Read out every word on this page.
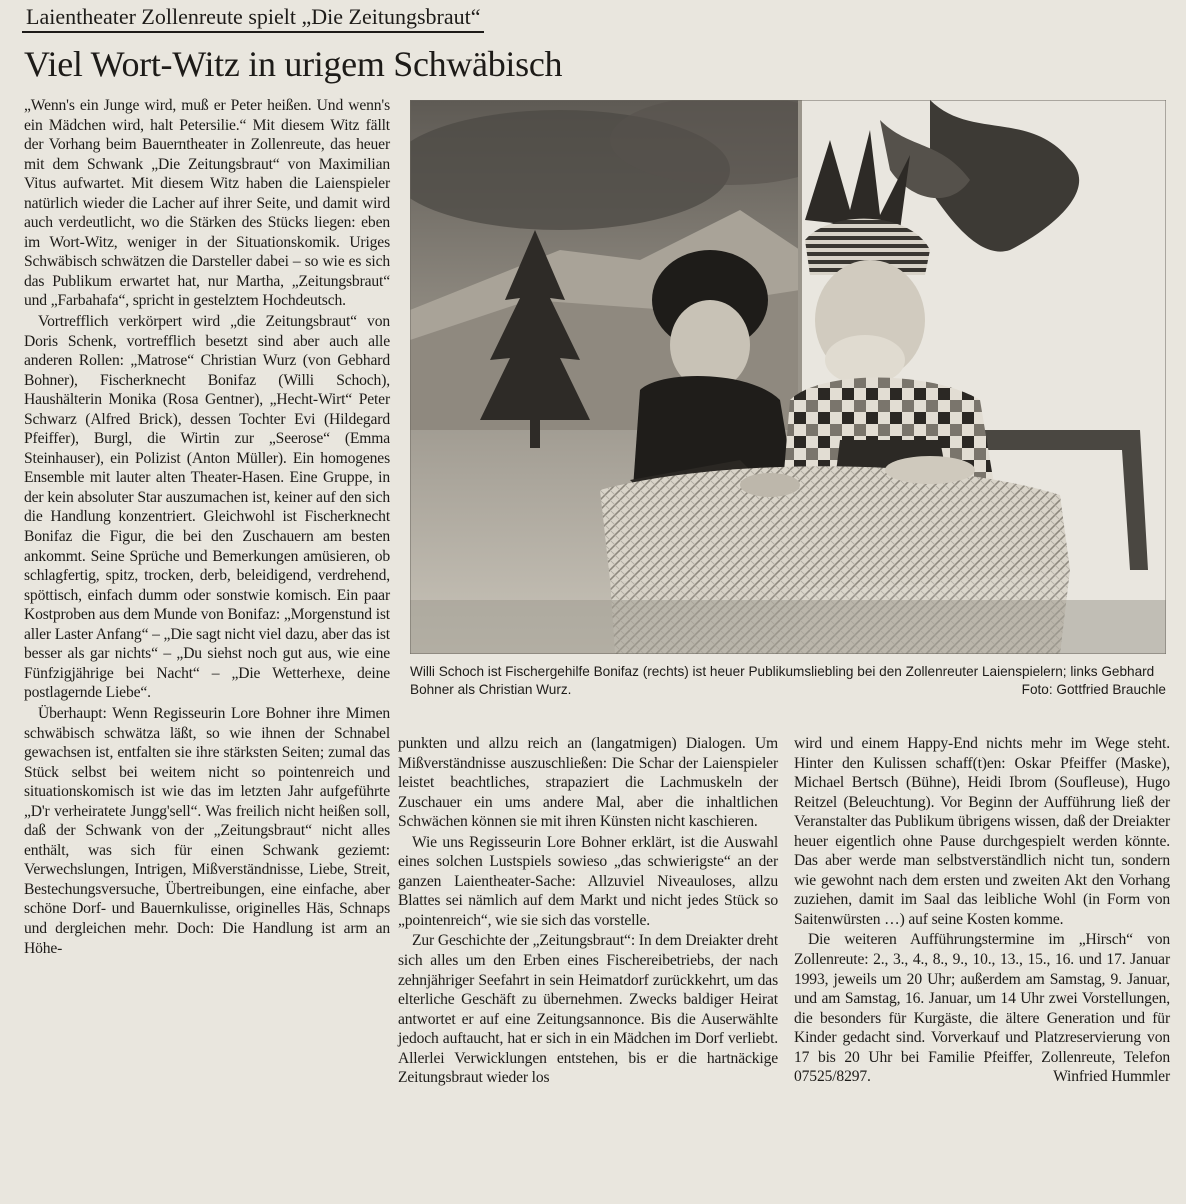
Laientheater Zollenreute spielt „Die Zeitungsbraut“
Viel Wort-Witz in urigem Schwäbisch

„Wenn's ein Junge wird, muß er Peter heißen. Und wenn's ein Mädchen wird, halt Petersilie.“ Mit diesem Witz fällt der Vorhang beim Bauerntheater in Zollenreute, das heuer mit dem Schwank „Die Zeitungsbraut“ von Maximilian Vitus aufwartet. Mit diesem Witz haben die Laienspieler natürlich wieder die Lacher auf ihrer Seite, und damit wird auch verdeutlicht, wo die Stärken des Stücks liegen: eben im Wort-Witz, weniger in der Situationskomik. Uriges Schwäbisch schwätzen die Darsteller dabei – so wie es sich das Publikum erwartet hat, nur Martha, „Zeitungsbraut“ und „Farbahafa“, spricht in gestelztem Hochdeutsch.

Vortrefflich verkörpert wird „die Zeitungsbraut“ von Doris Schenk, vortrefflich besetzt sind aber auch alle anderen Rollen: „Matrose“ Christian Wurz (von Gebhard Bohner), Fischerknecht Bonifaz (Willi Schoch), Haushälterin Monika (Rosa Gentner), „Hecht-Wirt“ Peter Schwarz (Alfred Brick), dessen Tochter Evi (Hildegard Pfeiffer), Burgl, die Wirtin zur „Seerose“ (Emma Steinhauser), ein Polizist (Anton Müller). Ein homogenes Ensemble mit lauter alten Theater-Hasen. Eine Gruppe, in der kein absoluter Star auszumachen ist, keiner auf den sich die Handlung konzentriert. Gleichwohl ist Fischerknecht Bonifaz die Figur, die bei den Zuschauern am besten ankommt. Seine Sprüche und Bemerkungen amüsieren, ob schlagfertig, spitz, trocken, derb, beleidigend, verdrehend, spöttisch, einfach dumm oder sonstwie komisch. Ein paar Kostproben aus dem Munde von Bonifaz: „Morgenstund ist aller Laster Anfang“ – „Die sagt nicht viel dazu, aber das ist besser als gar nichts“ – „Du siehst noch gut aus, wie eine Fünfzigjährige bei Nacht“ – „Die Wetterhexe, deine postlagernde Liebe“.

Überhaupt: Wenn Regisseurin Lore Bohner ihre Mimen schwäbisch schwätza läßt, so wie ihnen der Schnabel gewachsen ist, entfalten sie ihre stärksten Seiten; zumal das Stück selbst bei weitem nicht so pointenreich und situationskomisch ist wie das im letzten Jahr aufgeführte „D'r verheiratete Jungg'sell“. Was freilich nicht heißen soll, daß der Schwank von der „Zeitungsbraut“ nicht alles enthält, was sich für einen Schwank geziemt: Verwechslungen, Intrigen, Mißverständnisse, Liebe, Streit, Bestechungsversuche, Übertreibungen, eine einfache, aber schöne Dorf- und Bauernkulisse, originelles Häs, Schnaps und dergleichen mehr. Doch: Die Handlung ist arm an Höhe-

Willi Schoch ist Fischergehilfe Bonifaz (rechts) ist heuer Publikumsliebling bei den Zollenreuter Laienspielern; links Gebhard Bohner als Christian Wurz.	Foto: Gottfried Brauchle

punkten und allzu reich an (langatmigen) Dialogen. Um Mißverständnisse auszuschließen: Die Schar der Laienspieler leistet beachtliches, strapaziert die Lachmuskeln der Zuschauer ein ums andere Mal, aber die inhaltlichen Schwächen können sie mit ihren Künsten nicht kaschieren.

Wie uns Regisseurin Lore Bohner erklärt, ist die Auswahl eines solchen Lustspiels sowieso „das schwierigste“ an der ganzen Laientheater-Sache: Allzuviel Niveauloses, allzu Blattes sei nämlich auf dem Markt und nicht jedes Stück so „pointenreich“, wie sie sich das vorstelle.

Zur Geschichte der „Zeitungsbraut“: In dem Dreiakter dreht sich alles um den Erben eines Fischereibetriebs, der nach zehnjähriger Seefahrt in sein Heimatdorf zurückkehrt, um das elterliche Geschäft zu übernehmen. Zwecks baldiger Heirat antwortet er auf eine Zeitungsannonce. Bis die Auserwählte jedoch auftaucht, hat er sich in ein Mädchen im Dorf verliebt. Allerlei Verwicklungen entstehen, bis er die hartnäckige Zeitungsbraut wieder los

wird und einem Happy-End nichts mehr im Wege steht. Hinter den Kulissen schaff(t)en: Oskar Pfeiffer (Maske), Michael Bertsch (Bühne), Heidi Ibrom (Soufleuse), Hugo Reitzel (Beleuchtung). Vor Beginn der Aufführung ließ der Veranstalter das Publikum übrigens wissen, daß der Dreiakter heuer eigentlich ohne Pause durchgespielt werden könnte. Das aber werde man selbstverständlich nicht tun, sondern wie gewohnt nach dem ersten und zweiten Akt den Vorhang zuziehen, damit im Saal das leibliche Wohl (in Form von Saitenwürsten …) auf seine Kosten komme.

Die weiteren Aufführungstermine im „Hirsch“ von Zollenreute: 2., 3., 4., 8., 9., 10., 13., 15., 16. und 17. Januar 1993, jeweils um 20 Uhr; außerdem am Samstag, 9. Januar, und am Samstag, 16. Januar, um 14 Uhr zwei Vorstellungen, die besonders für Kurgäste, die ältere Generation und für Kinder gedacht sind. Vorverkauf und Platzreservierung von 17 bis 20 Uhr bei Familie Pfeiffer, Zollenreute, Telefon 07525/8297.	Winfried Hummler
